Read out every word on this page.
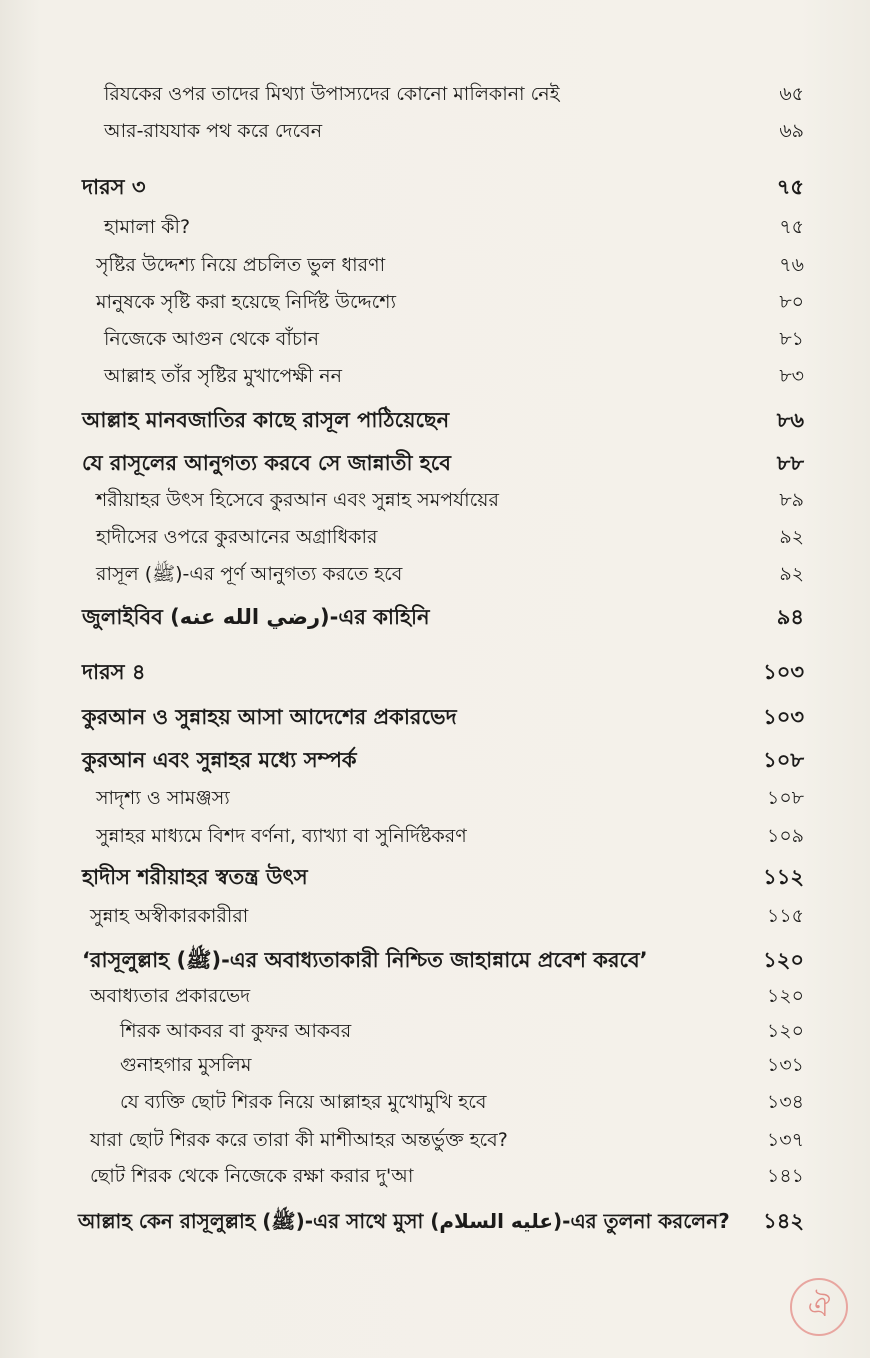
রিযকের ওপর তাদের মিথ্যা উপাস্যদের কোনো মালিকানা নেই	৬৫
আর-রাযযাক পথ করে দেবেন	৬৯
দারস ৩	৭৫
হামালা কী?	৭৫
সৃষ্টির উদ্দেশ্য নিয়ে প্রচলিত ভুল ধারণা	৭৬
মানুষকে সৃষ্টি করা হয়েছে নির্দিষ্ট উদ্দেশ্যে	৮০
নিজেকে আগুন থেকে বাঁচান	৮১
আল্লাহ তাঁর সৃষ্টির মুখাপেক্ষী নন	৮৩
আল্লাহ মানবজাতির কাছে রাসূল পাঠিয়েছেন	৮৬
যে রাসূলের আনুগত্য করবে সে জান্নাতী হবে	৮৮
শরীয়াহর উৎস হিসেবে কুরআন এবং সুন্নাহ সমপর্যায়ের	৮৯
হাদীসের ওপরে কুরআনের অগ্রাধিকার	৯২
রাসূল (ﷺ)-এর পূর্ণ আনুগত্য করতে হবে	৯২
জুলাইবিব (رضي الله عنه)-এর কাহিনি	৯৪
দারস ৪	১০৩
কুরআন ও সুন্নাহয় আসা আদেশের প্রকারভেদ	১০৩
কুরআন এবং সুন্নাহর মধ্যে সম্পর্ক	১০৮
সাদৃশ্য ও সামঞ্জস্য	১০৮
সুন্নাহর মাধ্যমে বিশদ বর্ণনা, ব্যাখ্যা বা সুনির্দিষ্টকরণ	১০৯
হাদীস শরীয়াহর স্বতন্ত্র উৎস	১১২
সুন্নাহ অস্বীকারকারীরা	১১৫
‘রাসূলুল্লাহ (ﷺ)-এর অবাধ্যতাকারী নিশ্চিত জাহান্নামে প্রবেশ করবে’	১২০
অবাধ্যতার প্রকারভেদ	১২০
শিরক আকবর বা কুফর আকবর	১২০
গুনাহগার মুসলিম	১৩১
যে ব্যক্তি ছোট শিরক নিয়ে আল্লাহর মুখোমুখি হবে	১৩৪
যারা ছোট শিরক করে তারা কী মাশীআহর অন্তর্ভুক্ত হবে?	১৩৭
ছোট শিরক থেকে নিজেকে রক্ষা করার দু'আ	১৪১
আল্লাহ কেন রাসূলুল্লাহ (ﷺ)-এর সাথে মুসা (عليه السلام)-এর তুলনা করলেন? ১৪২
ঐ
